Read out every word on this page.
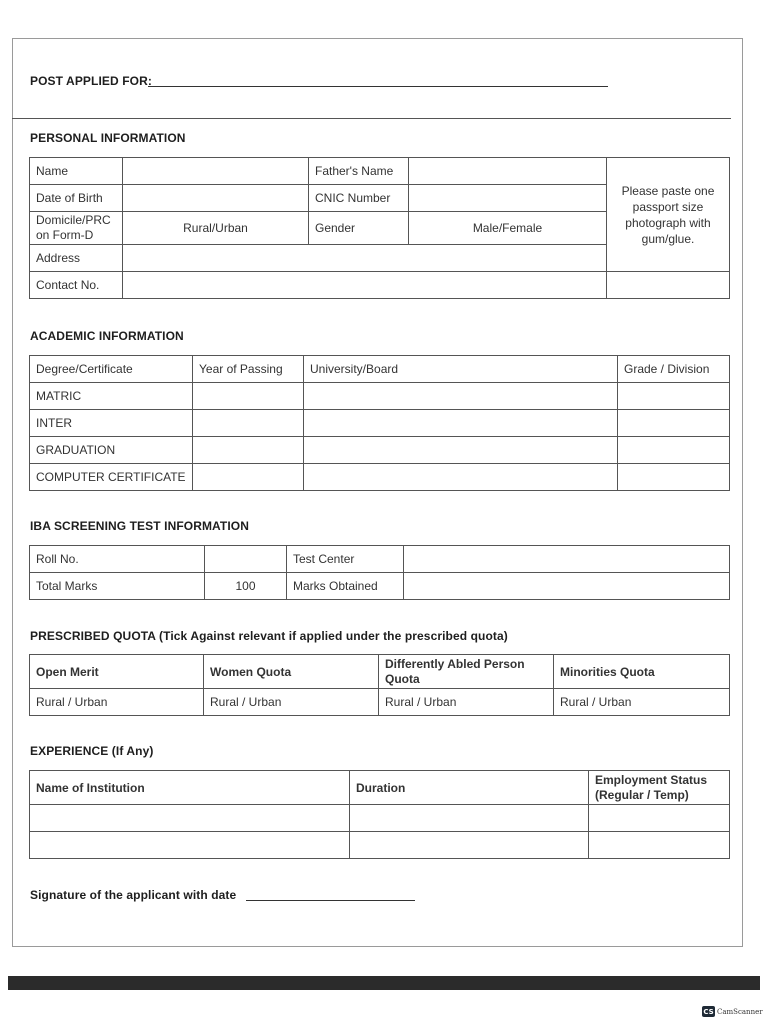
POST APPLIED FOR:
PERSONAL INFORMATION
Name		Father's Name		Please paste one passport size photograph with gum/glue.
Date of Birth		CNIC Number		
Domicile/PRC on Form-D	Rural/Urban	Gender	Male/Female	
Address				
Contact No.				
ACADEMIC INFORMATION
Degree/Certificate	Year of Passing	University/Board	Grade / Division
MATRIC			
INTER			
GRADUATION			
COMPUTER CERTIFICATE			
IBA SCREENING TEST INFORMATION
Roll No.		Test Center	
Total Marks	100	Marks Obtained	
PRESCRIBED QUOTA (Tick Against relevant if applied under the prescribed quota)
Open Merit	Women Quota	Differently Abled Person Quota	Minorities Quota
Rural / Urban	Rural / Urban	Rural / Urban	Rural / Urban
EXPERIENCE (If Any)
Name of Institution	Duration	Employment Status (Regular / Temp)

Signature of the applicant with date
CS CamScanner
